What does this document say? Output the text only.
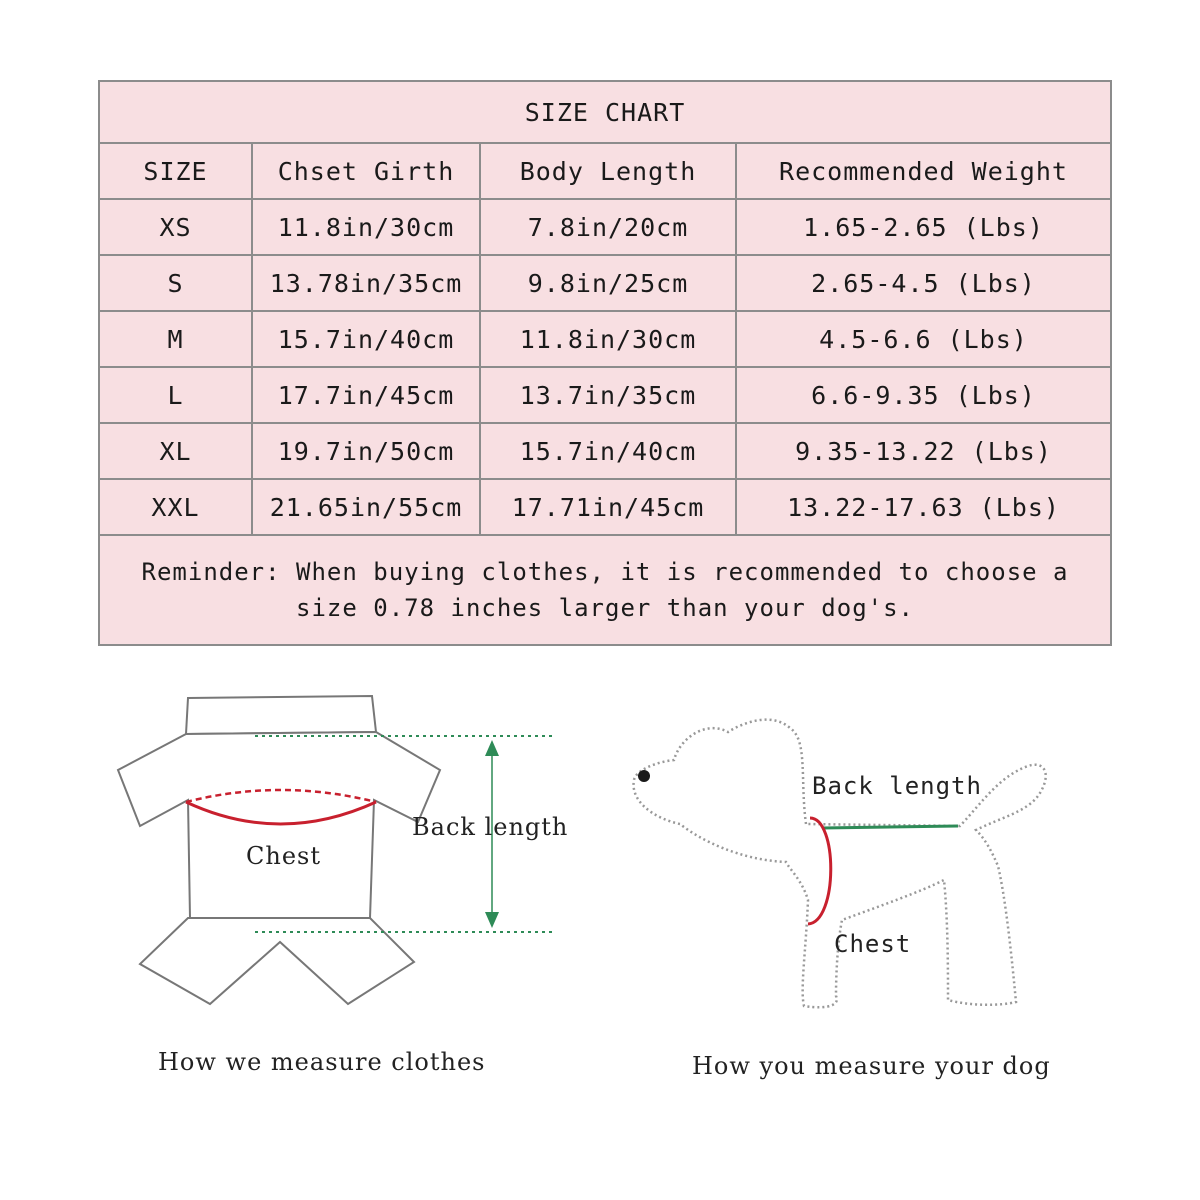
SIZE CHART			
SIZE	Chset Girth	Body Length	Recommended Weight
XS	11.8in/30cm	7.8in/20cm	1.65-2.65 (Lbs)
S	13.78in/35cm	9.8in/25cm	2.65-4.5 (Lbs)
M	15.7in/40cm	11.8in/30cm	4.5-6.6 (Lbs)
L	17.7in/45cm	13.7in/35cm	6.6-9.35 (Lbs)
XL	19.7in/50cm	15.7in/40cm	9.35-13.22 (Lbs)
XXL	21.65in/55cm	17.71in/45cm	13.22-17.63 (Lbs)
Reminder: When buying clothes, it is recommended to choose a size 0.78 inches larger than your dog's.			
Chest
Back length
How we measure clothes
Back length
Chest
How you measure your dog
